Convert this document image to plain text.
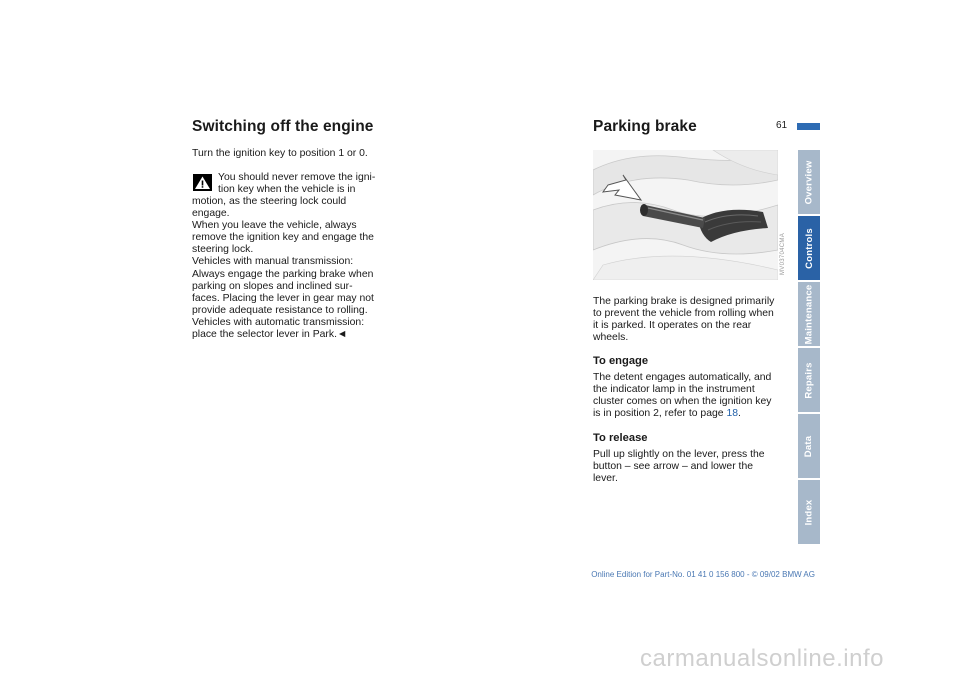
Switching off the engine

Turn the ignition key to position 1 or 0.

You should never remove the igni-
tion key when the vehicle is in

motion, as the steering lock could
engage.
When you leave the vehicle, always
remove the ignition key and engage the
steering lock.
Vehicles with manual transmission:
Always engage the parking brake when
parking on slopes and inclined sur-
faces. Placing the lever in gear may not
provide adequate resistance to rolling.
Vehicles with automatic transmission:
place the selector lever in Park.◄

Parking brake	61
MV03704CMA

The parking brake is designed primarily
to prevent the vehicle from rolling when
it is parked. It operates on the rear
wheels.

To engage

The detent engages automatically, and
the indicator lamp in the instrument
cluster comes on when the ignition key
is in position 2, refer to page 18.

To release

Pull up slightly on the lever, press the
button – see arrow – and lower the
lever.

Overview
Controls
Maintenance
Repairs
Data
Index
Online Edition for Part-No. 01 41 0 156 800 - © 09/02 BMW AG
carmanualsonline.info
